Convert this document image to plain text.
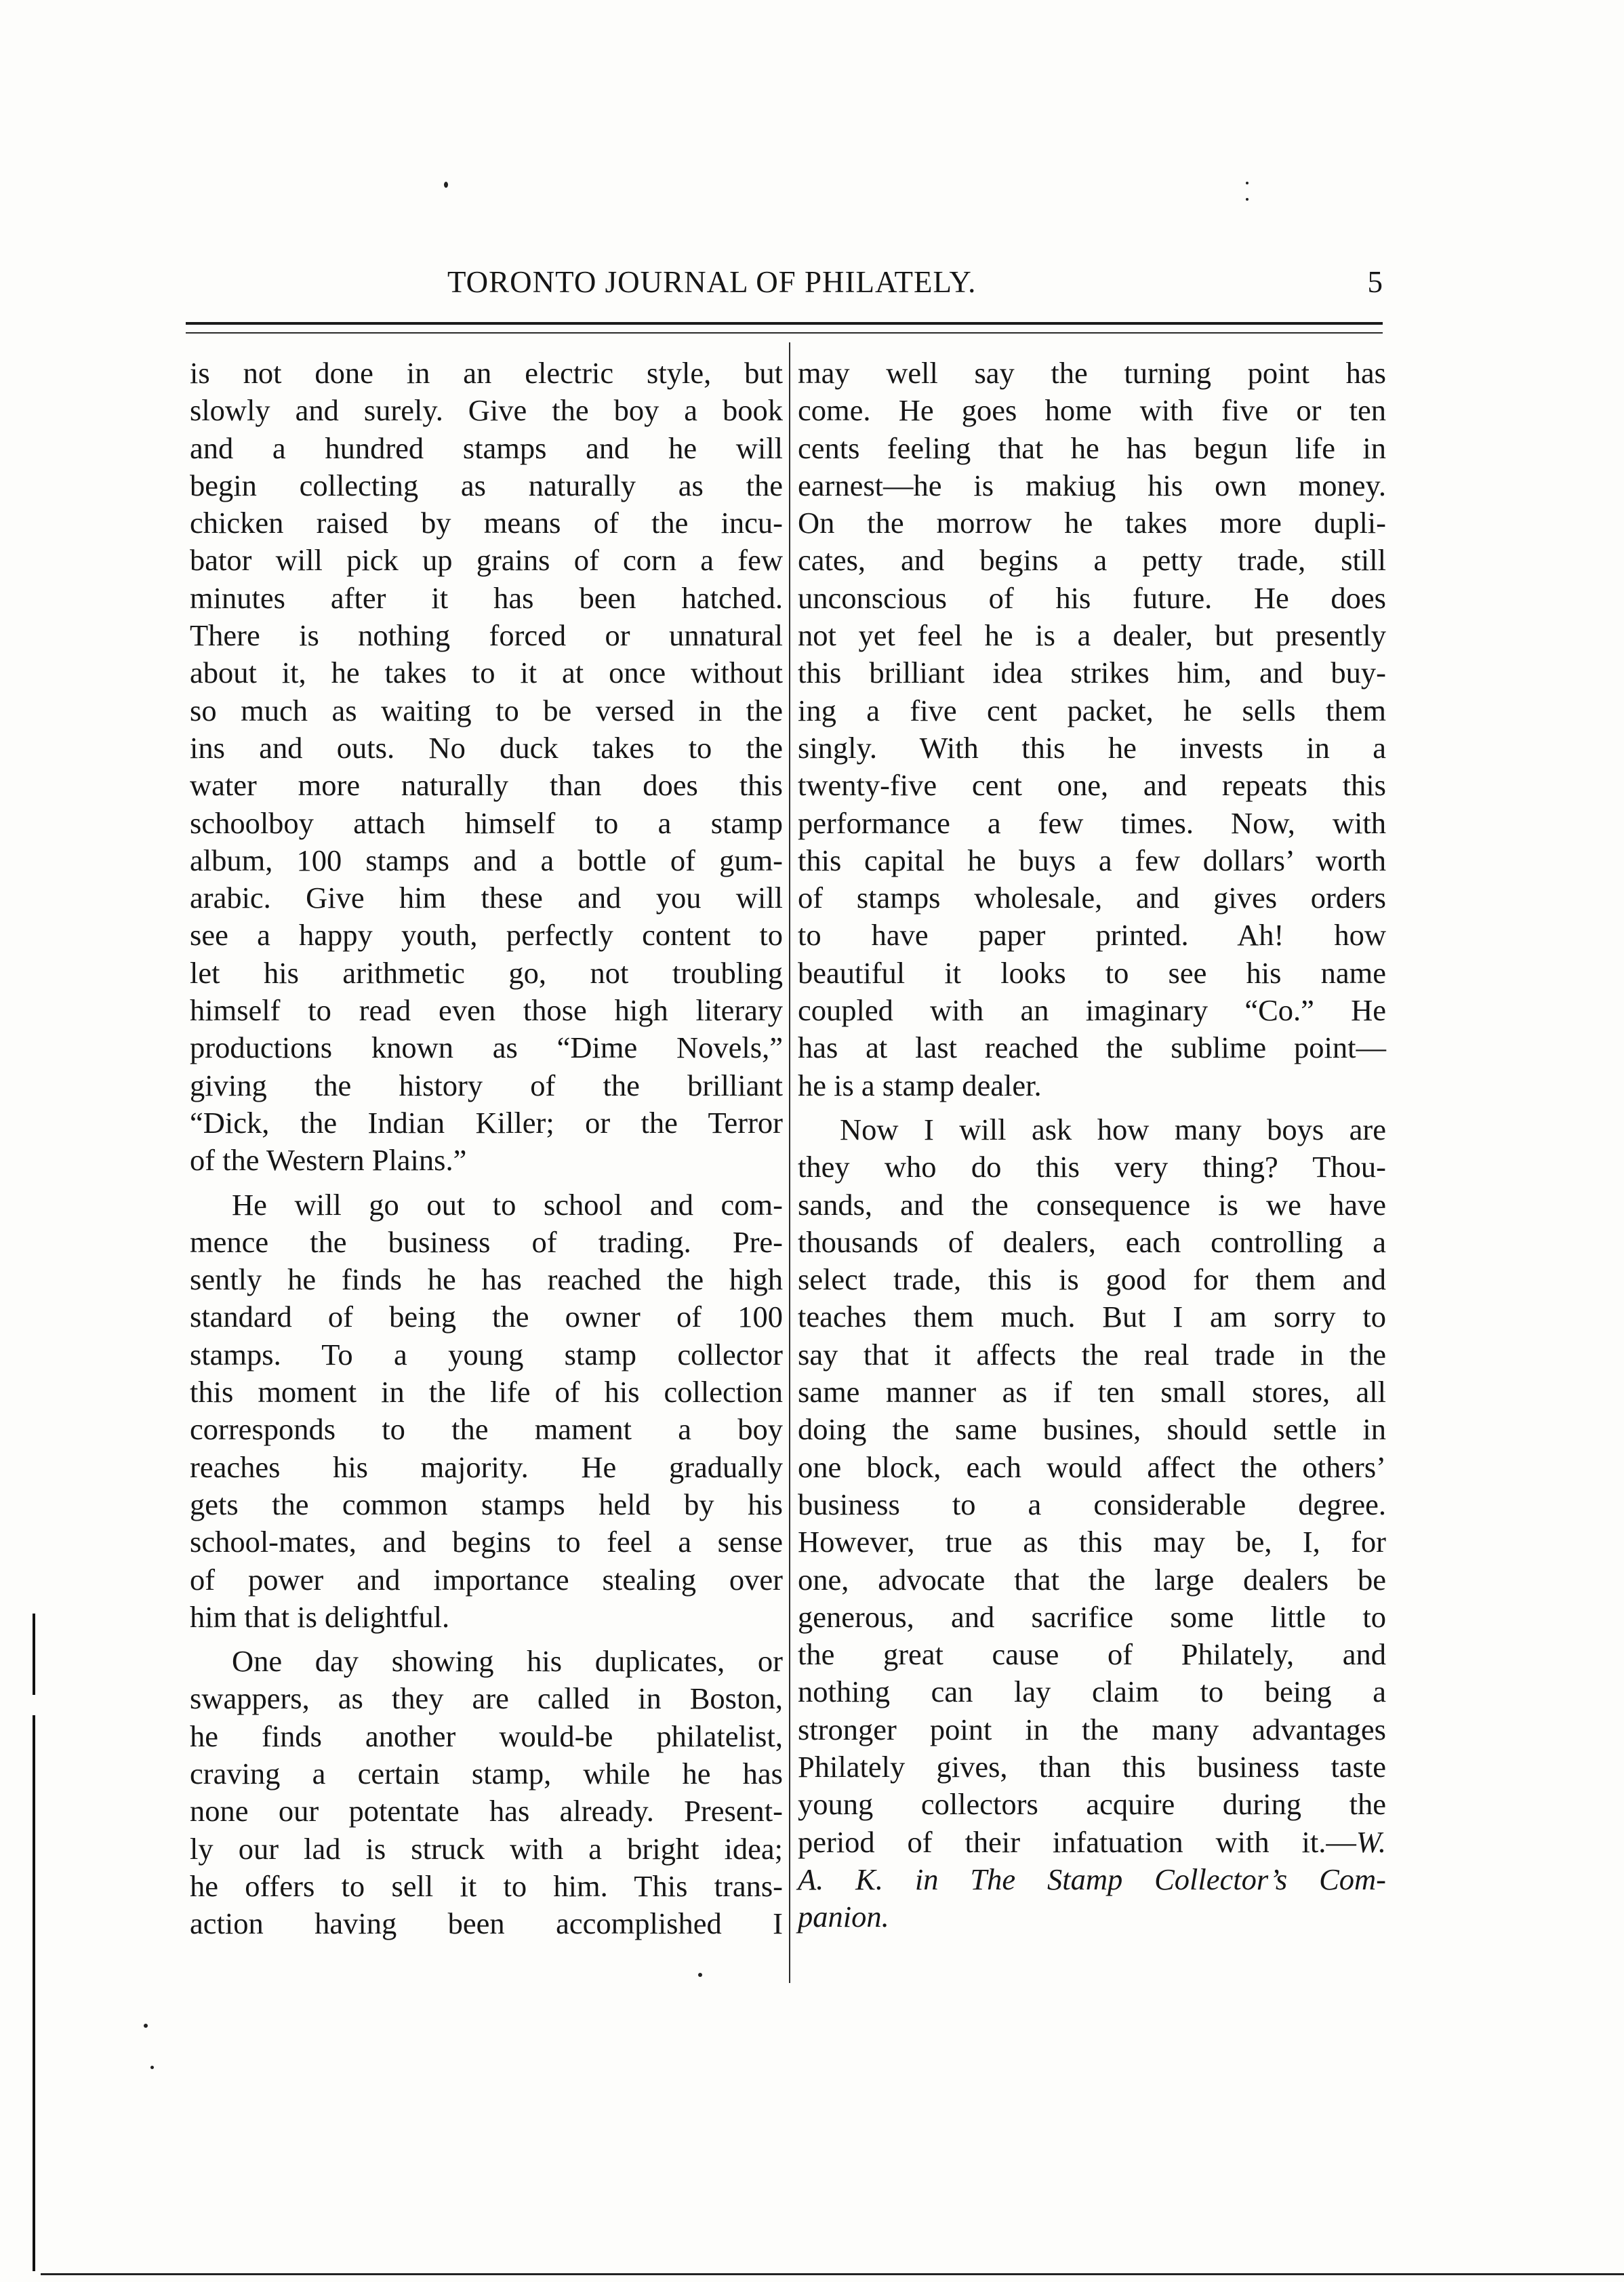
TORONTO JOURNAL OF PHILATELY.	5
is not done in an electric style, but
slowly and surely. Give the boy a book
and a hundred stamps and he will
begin collecting as naturally as the
chicken raised by means of the incu-
bator will pick up grains of corn a few
minutes after it has been hatched.
There is nothing forced or unnatural
about it, he takes to it at once without
so much as waiting to be versed in the
ins and outs. No duck takes to the
water more naturally than does this
schoolboy attach himself to a stamp
album, 100 stamps and a bottle of gum-
arabic. Give him these and you will
see a happy youth, perfectly content to
let his arithmetic go, not troubling
himself to read even those high literary
productions known as “Dime Novels,”
giving the history of the brilliant
“Dick, the Indian Killer; or the Terror
of the Western Plains.”
He will go out to school and com-
mence the business of trading. Pre-
sently he finds he has reached the high
standard of being the owner of 100
stamps. To a young stamp collector
this moment in the life of his collection
corresponds to the mament a boy
reaches his majority. He gradually
gets the common stamps held by his
school-mates, and begins to feel a sense
of power and importance stealing over
him that is delightful.
One day showing his duplicates, or
swappers, as they are called in Boston,
he finds another would-be philatelist,
craving a certain stamp, while he has
none our potentate has already. Present-
ly our lad is struck with a bright idea;
he offers to sell it to him. This trans-
action having been accomplished I
may well say the turning point has
come. He goes home with five or ten
cents feeling that he has begun life in
earnest—he is makiug his own money.
On the morrow he takes more dupli-
cates, and begins a petty trade, still
unconscious of his future. He does
not yet feel he is a dealer, but presently
this brilliant idea strikes him, and buy-
ing a five cent packet, he sells them
singly. With this he invests in a
twenty-five cent one, and repeats this
performance a few times. Now, with
this capital he buys a few dollars’ worth
of stamps wholesale, and gives orders
to have paper printed. Ah! how
beautiful it looks to see his name
coupled with an imaginary “Co.” He
has at last reached the sublime point—
he is a stamp dealer.
Now I will ask how many boys are
they who do this very thing? Thou-
sands, and the consequence is we have
thousands of dealers, each controlling a
select trade, this is good for them and
teaches them much. But I am sorry to
say that it affects the real trade in the
same manner as if ten small stores, all
doing the same busines, should settle in
one block, each would affect the others’
business to a considerable degree.
However, true as this may be, I, for
one, advocate that the large dealers be
generous, and sacrifice some little to
the great cause of Philately, and
nothing can lay claim to being a
stronger point in the many advantages
Philately gives, than this business taste
young collectors acquire during the
period of their infatuation with it.—W.
A. K. in The Stamp Collector’s Com-
panion.
